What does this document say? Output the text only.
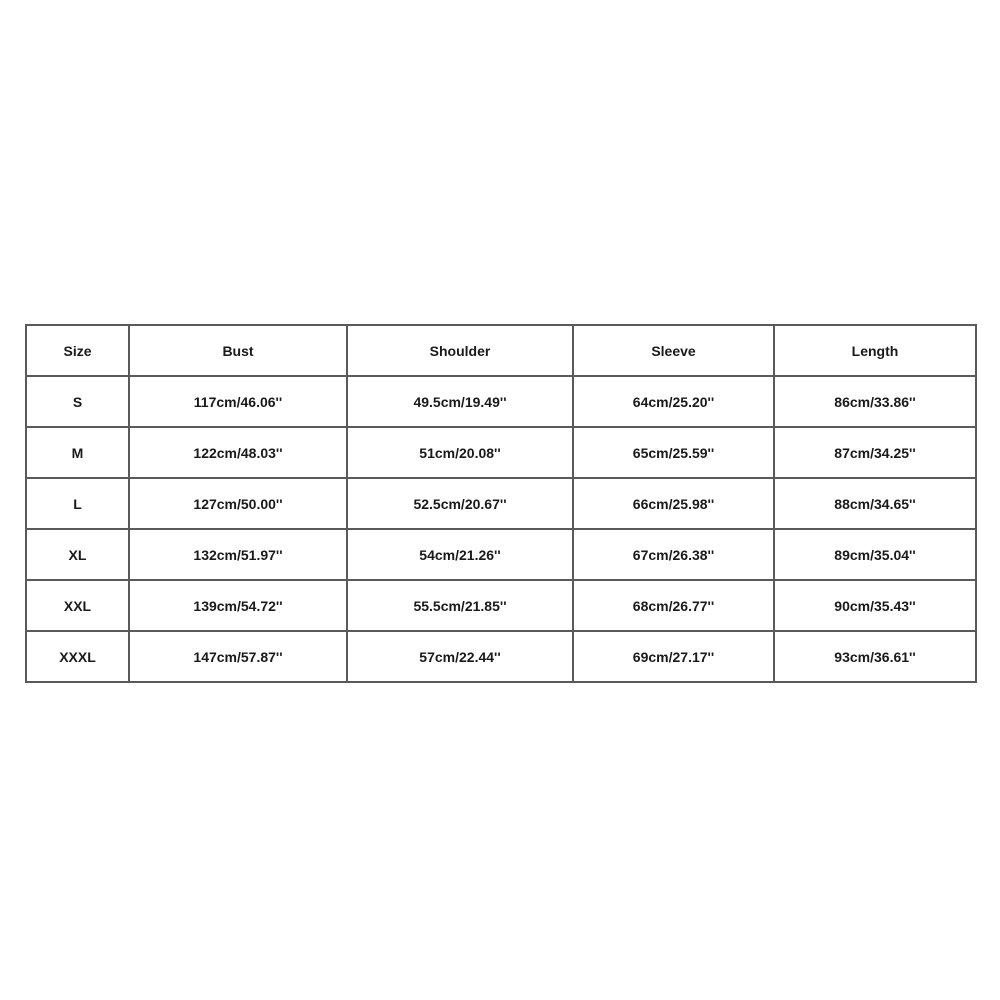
Size	Bust	Shoulder	Sleeve	Length
S	117cm/46.06''	49.5cm/19.49''	64cm/25.20''	86cm/33.86''
M	122cm/48.03''	51cm/20.08''	65cm/25.59''	87cm/34.25''
L	127cm/50.00''	52.5cm/20.67''	66cm/25.98''	88cm/34.65''
XL	132cm/51.97''	54cm/21.26''	67cm/26.38''	89cm/35.04''
XXL	139cm/54.72''	55.5cm/21.85''	68cm/26.77''	90cm/35.43''
XXXL	147cm/57.87''	57cm/22.44''	69cm/27.17''	93cm/36.61''
